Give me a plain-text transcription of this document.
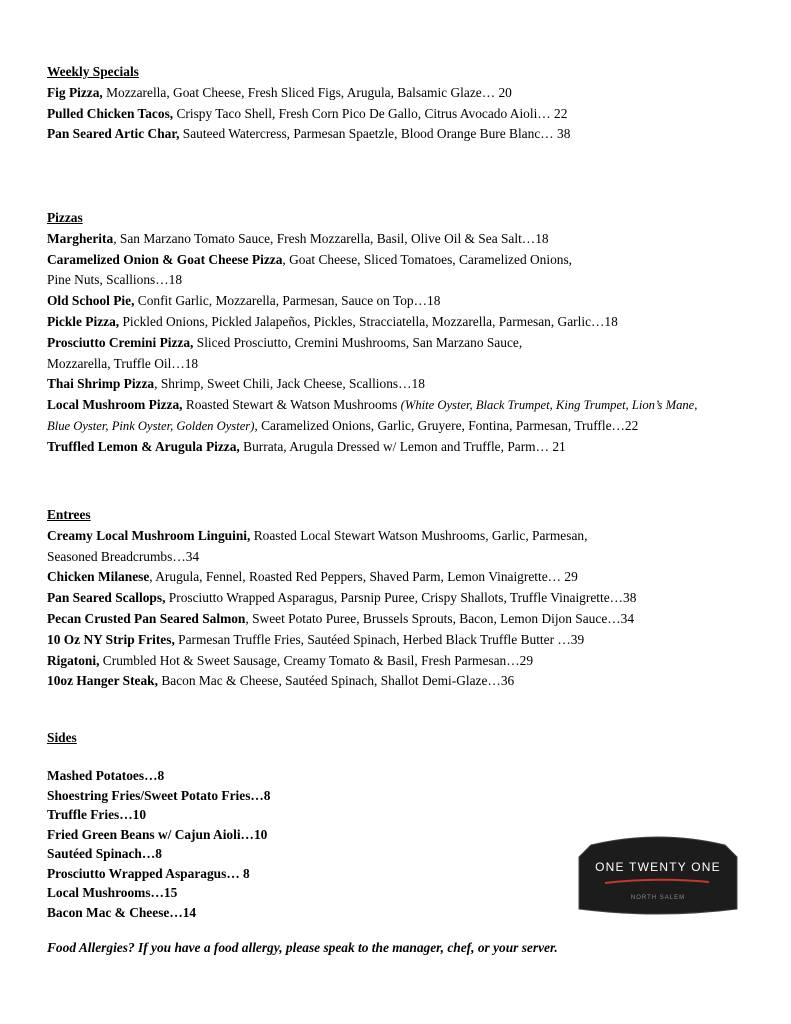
Weekly Specials
Fig Pizza, Mozzarella, Goat Cheese, Fresh Sliced Figs, Arugula, Balsamic Glaze… 20
Pulled Chicken Tacos, Crispy Taco Shell, Fresh Corn Pico De Gallo, Citrus Avocado Aioli… 22
Pan Seared Artic Char, Sauteed Watercress, Parmesan Spaetzle, Blood Orange Bure Blanc… 38
Pizzas
Margherita, San Marzano Tomato Sauce, Fresh Mozzarella, Basil, Olive Oil & Sea Salt…18
Caramelized Onion & Goat Cheese Pizza, Goat Cheese, Sliced Tomatoes, Caramelized Onions,
Pine Nuts, Scallions…18
Old School Pie, Confit Garlic, Mozzarella, Parmesan, Sauce on Top…18
Pickle Pizza, Pickled Onions, Pickled Jalapeños, Pickles, Stracciatella, Mozzarella, Parmesan, Garlic…18
Prosciutto Cremini Pizza, Sliced Prosciutto, Cremini Mushrooms, San Marzano Sauce,
Mozzarella, Truffle Oil…18
Thai Shrimp Pizza, Shrimp, Sweet Chili, Jack Cheese, Scallions…18
Local Mushroom Pizza, Roasted Stewart & Watson Mushrooms (White Oyster, Black Trumpet, King Trumpet, Lion’s Mane,
Blue Oyster, Pink Oyster, Golden Oyster), Caramelized Onions, Garlic, Gruyere, Fontina, Parmesan, Truffle…22
Truffled Lemon & Arugula Pizza, Burrata, Arugula Dressed w/ Lemon and Truffle, Parm… 21
Entrees
Creamy Local Mushroom Linguini, Roasted Local Stewart Watson Mushrooms, Garlic, Parmesan,
Seasoned Breadcrumbs…34
Chicken Milanese, Arugula, Fennel, Roasted Red Peppers, Shaved Parm, Lemon Vinaigrette… 29
Pan Seared Scallops, Prosciutto Wrapped Asparagus, Parsnip Puree, Crispy Shallots, Truffle Vinaigrette…38
Pecan Crusted Pan Seared Salmon, Sweet Potato Puree, Brussels Sprouts, Bacon, Lemon Dijon Sauce…34
10 Oz NY Strip Frites, Parmesan Truffle Fries, Sautéed Spinach, Herbed Black Truffle Butter …39
Rigatoni, Crumbled Hot & Sweet Sausage, Creamy Tomato & Basil, Fresh Parmesan…29
10oz Hanger Steak, Bacon Mac & Cheese, Sautéed Spinach, Shallot Demi-Glaze…36
Sides
Mashed Potatoes…8
Shoestring Fries/Sweet Potato Fries…8
Truffle Fries…10
Fried Green Beans w/ Cajun Aioli…10
Sautéed Spinach…8
Prosciutto Wrapped Asparagus… 8
Local Mushrooms…15
Bacon Mac & Cheese…14
ONE TWENTY ONE
NORTH SALEM
Food Allergies? If you have a food allergy, please speak to the manager, chef, or your server.
